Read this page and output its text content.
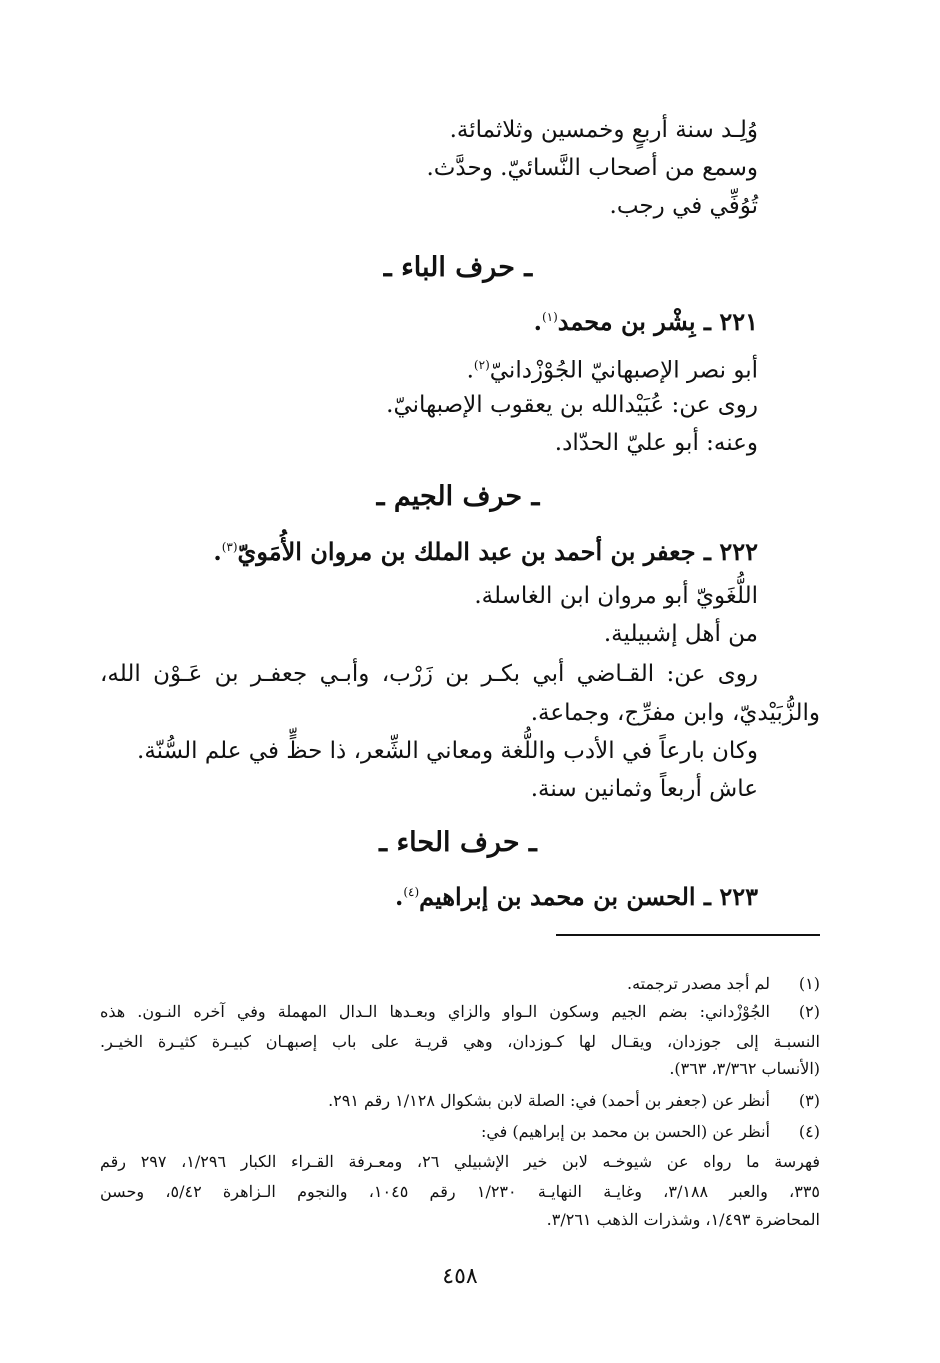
وُلِـد سنة أربعٍ وخمسين وثلاثمائة.
وسمع من أصحاب النَّسائيّ. وحدَّث.
تُوُفِّي في رجب.
ـ حرف الباء ـ
٢٢١ ـ بِشْر بن محمد$^{(١)}$.
أبو نصر الإصبهانيّ الجُوْزْدانيّ$^{(٢)}$.
روى عن: عُبَيْدالله بن يعقوب الإصبهانيّ.
وعنه: أبو عليّ الحدّاد.
ـ حرف الجيم ـ
٢٢٢ ـ جعفر بن أحمد بن عبد الملك بن مروان الأُمَويّ$^{(٣)}$.
اللُّغَويّ أبو مروان ابن الغاسلة.
من أهل إشبيلية.
روى عن: القـاضي أبي بكـر بن زَرْب، وأبـي جعفـر بن عَـوْن الله،
والزُّبَيْديّ، وابن مفرِّج، وجماعة.
وكان بارعاً في الأدب واللُّغة ومعاني الشِّعر، ذا حظٍّ في علم السُّنّة.
عاش أربعاً وثمانين سنة.
ـ حرف الحاء ـ
٢٢٣ ـ الحسن بن محمد بن إبراهيم$^{(٤)}$.
(١)
لم أجد مصدر ترجمته.
(٢)
الجُوْزْداني: بضم الجيم وسكون الـواو والزاي وبعـدها الـدال المهملة وفي آخره النـون. هذه
النسبـة إلى جوزدان، ويقـال لها كـوزدان، وهي قريـة على باب إصبهـان كبيـرة كثيـرة الخيـر.
(الأنساب ٣/٣٦٢، ٣٦٣).
(٣)
أنظر عن (جعفر بن أحمد) في: الصلة لابن بشكوال ١/١٢٨ رقم ٢٩١.
(٤)
أنظر عن (الحسن بن محمد بن إبراهيم) في:
فهرسة ما رواه عن شيوخـه لابن خير الإشبيلي ٢٦، ومعـرفة القـراء الكبار ١/٢٩٦، ٢٩٧ رقم
٣٣٥، والعبر ٣/١٨٨، وغايـة النهايـة ١/٢٣٠ رقم ١٠٤٥، والنجوم الـزاهرة ٥/٤٢، وحسن
المحاضرة ١/٤٩٣، وشذرات الذهب ٣/٢٦١.
٤٥٨
